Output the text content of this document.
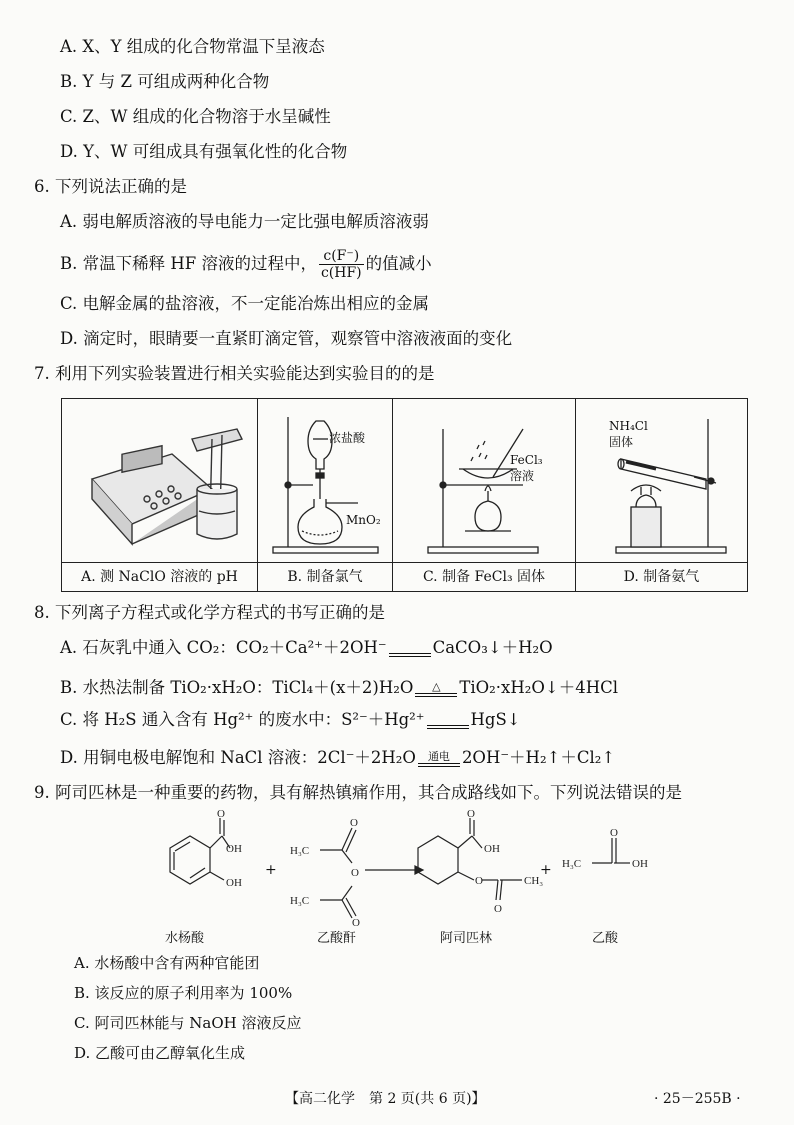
A. X、Y 组成的化合物常温下呈液态
B. Y 与 Z 可组成两种化合物
C. Z、W 组成的化合物溶于水呈碱性
D. Y、W 可组成具有强氧化性的化合物
6. 下列说法正确的是
A. 弱电解质溶液的导电能力一定比强电解质溶液弱
B. 常温下稀释 HF 溶液的过程中， $\frac{c(F^-)}{c(HF)}$ 的值减小
C. 电解金属的盐溶液，不一定能冶炼出相应的金属
D. 滴定时，眼睛要一直紧盯滴定管，观察管中溶液液面的变化
7. 利用下列实验装置进行相关实验能达到实验目的的是
A. 测 NaClO 溶液的 pH
浓盐酸
MnO₂
B. 制备氯气
FeCl₃
溶液
C. 制备 FeCl₃ 固体
NH₄Cl
固体
D. 制备氨气
8. 下列离子方程式或化学方程式的书写正确的是
A. 石灰乳中通入 CO₂：CO₂＋Ca²⁺＋2OH⁻	CaCO₃↓＋H₂O
B. 水热法制备 TiO₂·xH₂O：TiCl₄＋(x＋2)H₂O	△	TiO₂·xH₂O↓＋4HCl
C. 将 H₂S 通入含有 Hg²⁺ 的废水中：S²⁻＋Hg²⁺	HgS↓
D. 用铜电极电解饱和 NaCl 溶液：2Cl⁻＋2H₂O	通电 2OH⁻＋H₂↑＋Cl₂↑
9. 阿司匹林是一种重要的药物，具有解热镇痛作用，其合成路线如下。下列说法错误的是
OH
O
OH
H₃C
O
O
H₃C
O
O
OH
O
O
CH₃
H₃C
O
OH
+	+
水杨酸	乙酸酐	阿司匹林	乙酸
A. 水杨酸中含有两种官能团
B. 该反应的原子利用率为 100%
C. 阿司匹林能与 NaOH 溶液反应
D. 乙酸可由乙醇氧化生成
【高二化学　第 2 页(共 6 页)】	· 25－255B ·
